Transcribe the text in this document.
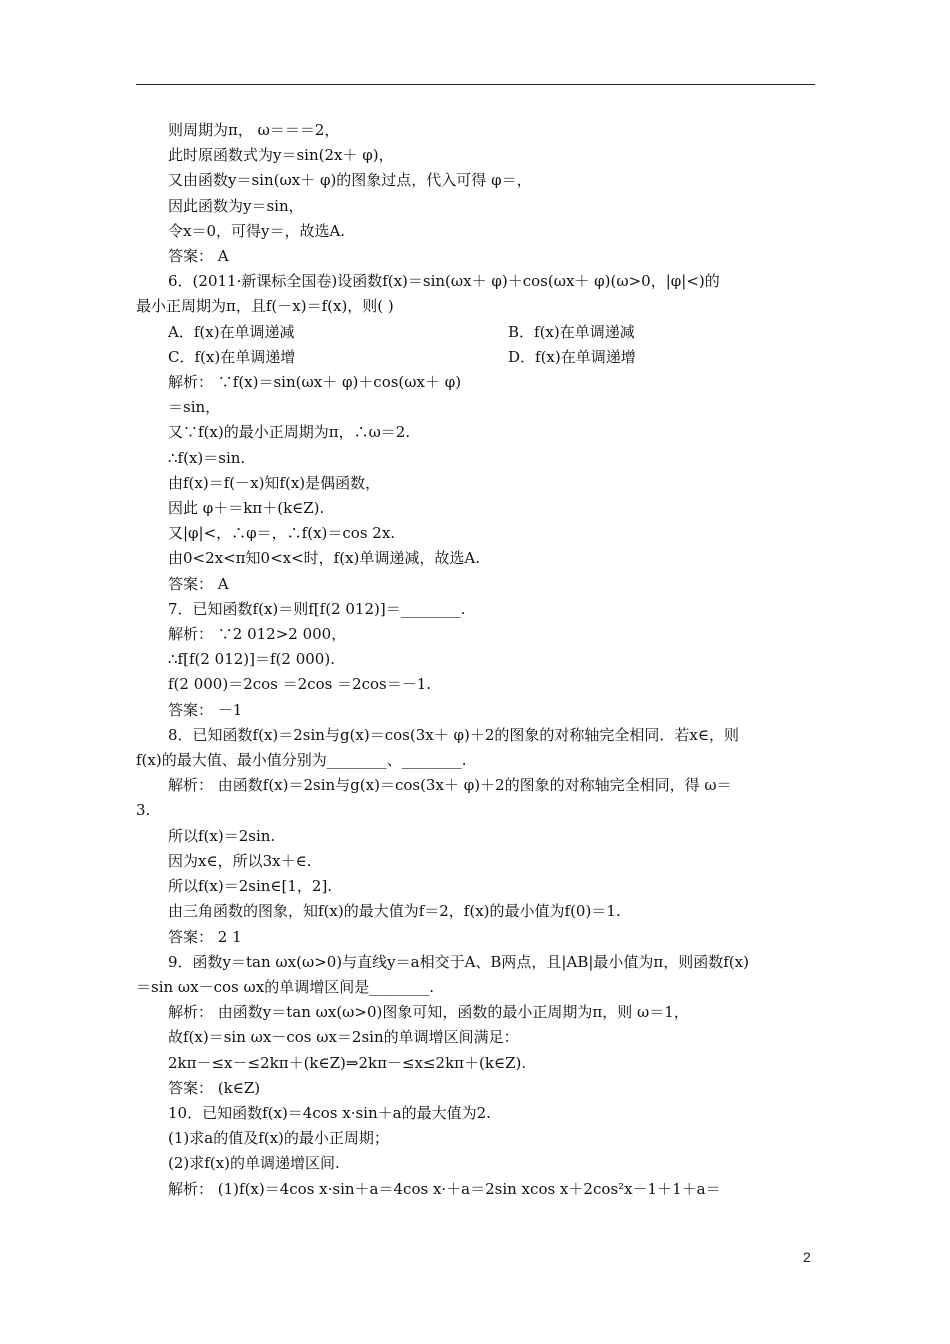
则周期为π， ω＝＝＝2，
此时原函数式为y＝sin(2x＋ φ)，
又由函数y＝sin(ωx＋ φ)的图象过点，代入可得 φ＝，
因此函数为y＝sin，
令x＝0，可得y＝，故选A.
答案： A
6．(2011·新课标全国卷)设函数f(x)＝sin(ωx＋ φ)＋cos(ωx＋ φ)(ω>0，|φ|<)的
最小正周期为π，且f(－x)＝f(x)，则( )
A．f(x)在单调递减	B．f(x)在单调递减
C．f(x)在单调递增	D．f(x)在单调递增
解析： ∵f(x)＝sin(ωx＋ φ)＋cos(ωx＋ φ)
＝sin，
又∵f(x)的最小正周期为π，∴ω＝2.
∴f(x)＝sin.
由f(x)＝f(－x)知f(x)是偶函数，
因此 φ＋＝kπ＋(k∈Z).
又|φ|<，∴φ＝，∴f(x)＝cos 2x.
由0<2x<π知0<x<时，f(x)单调递减，故选A.
答案： A
7．已知函数f(x)＝则f[f(2 012)]＝________.
解析： ∵2 012>2 000，
∴f[f(2 012)]＝f(2 000).
f(2 000)＝2cos ＝2cos ＝2cos＝－1.
答案： －1
8．已知函数f(x)＝2sin与g(x)＝cos(3x＋ φ)＋2的图象的对称轴完全相同．若x∈，则
f(x)的最大值、最小值分别为________、________.
解析： 由函数f(x)＝2sin与g(x)＝cos(3x＋ φ)＋2的图象的对称轴完全相同，得 ω＝
3.
所以f(x)＝2sin.
因为x∈，所以3x＋∈.
所以f(x)＝2sin∈[1，2].
由三角函数的图象，知f(x)的最大值为f＝2，f(x)的最小值为f(0)＝1.
答案： 2 1
9．函数y＝tan ωx(ω>0)与直线y＝a相交于A、B两点，且|AB|最小值为π，则函数f(x)
＝sin ωx－cos ωx的单调增区间是________.
解析： 由函数y＝tan ωx(ω>0)图象可知，函数的最小正周期为π，则 ω＝1，
故f(x)＝sin ωx－cos ωx＝2sin的单调增区间满足：
2kπ－≤x－≤2kπ＋(k∈Z)⇒2kπ－≤x≤2kπ＋(k∈Z).
答案： (k∈Z)
10．已知函数f(x)＝4cos x·sin＋a的最大值为2.
(1)求a的值及f(x)的最小正周期；
(2)求f(x)的单调递增区间.
解析： (1)f(x)＝4cos x·sin＋a＝4cos x·＋a＝2sin xcos x＋2cos²x－1＋1＋a＝
2
